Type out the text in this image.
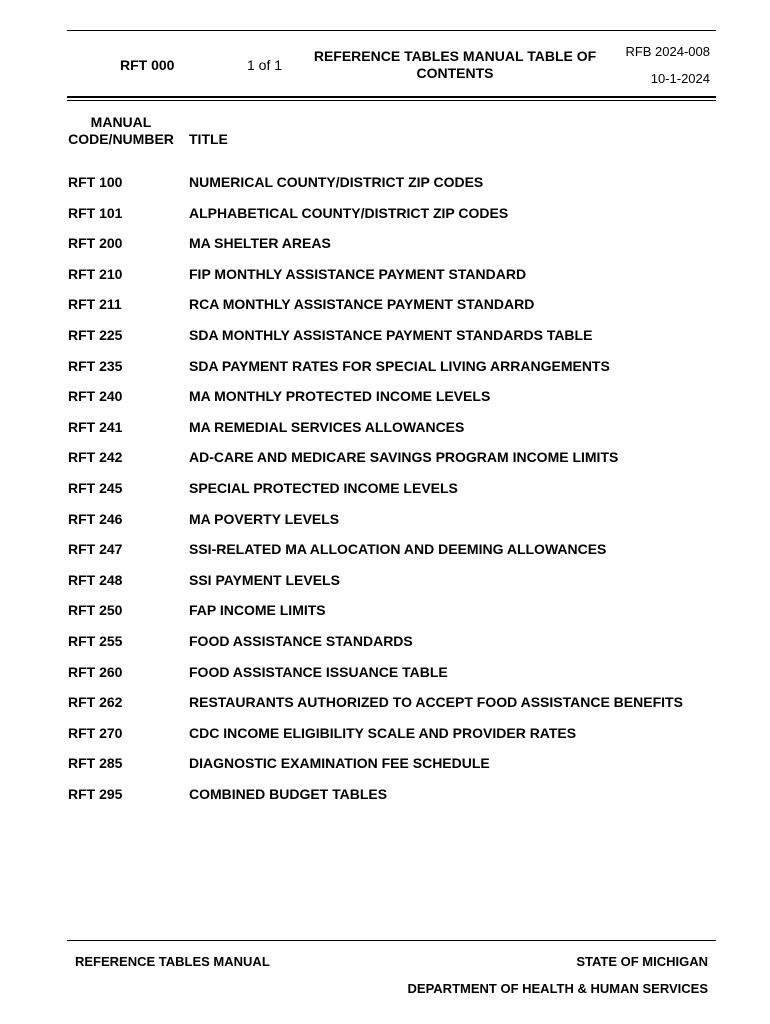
RFT 000	1 of 1
REFERENCE TABLES MANUAL TABLE OF CONTENTS
RFB 2024-008
10-1-2024
MANUAL CODE/NUMBER TITLE
RFT 100	NUMERICAL COUNTY/DISTRICT ZIP CODES
RFT 101	ALPHABETICAL COUNTY/DISTRICT ZIP CODES
RFT 200	MA SHELTER AREAS
RFT 210	FIP MONTHLY ASSISTANCE PAYMENT STANDARD
RFT 211	RCA MONTHLY ASSISTANCE PAYMENT STANDARD
RFT 225	SDA MONTHLY ASSISTANCE PAYMENT STANDARDS TABLE
RFT 235	SDA PAYMENT RATES FOR SPECIAL LIVING ARRANGEMENTS
RFT 240	MA MONTHLY PROTECTED INCOME LEVELS
RFT 241	MA REMEDIAL SERVICES ALLOWANCES
RFT 242	AD-CARE AND MEDICARE SAVINGS PROGRAM INCOME LIMITS
RFT 245	SPECIAL PROTECTED INCOME LEVELS
RFT 246	MA POVERTY LEVELS
RFT 247	SSI-RELATED MA ALLOCATION AND DEEMING ALLOWANCES
RFT 248	SSI PAYMENT LEVELS
RFT 250	FAP INCOME LIMITS
RFT 255	FOOD ASSISTANCE STANDARDS
RFT 260	FOOD ASSISTANCE ISSUANCE TABLE
RFT 262	RESTAURANTS AUTHORIZED TO ACCEPT FOOD ASSISTANCE BENEFITS
RFT 270	CDC INCOME ELIGIBILITY SCALE AND PROVIDER RATES
RFT 285	DIAGNOSTIC EXAMINATION FEE SCHEDULE
RFT 295	COMBINED BUDGET TABLES
REFERENCE TABLES MANUAL	STATE OF MICHIGAN
DEPARTMENT OF HEALTH & HUMAN SERVICES
